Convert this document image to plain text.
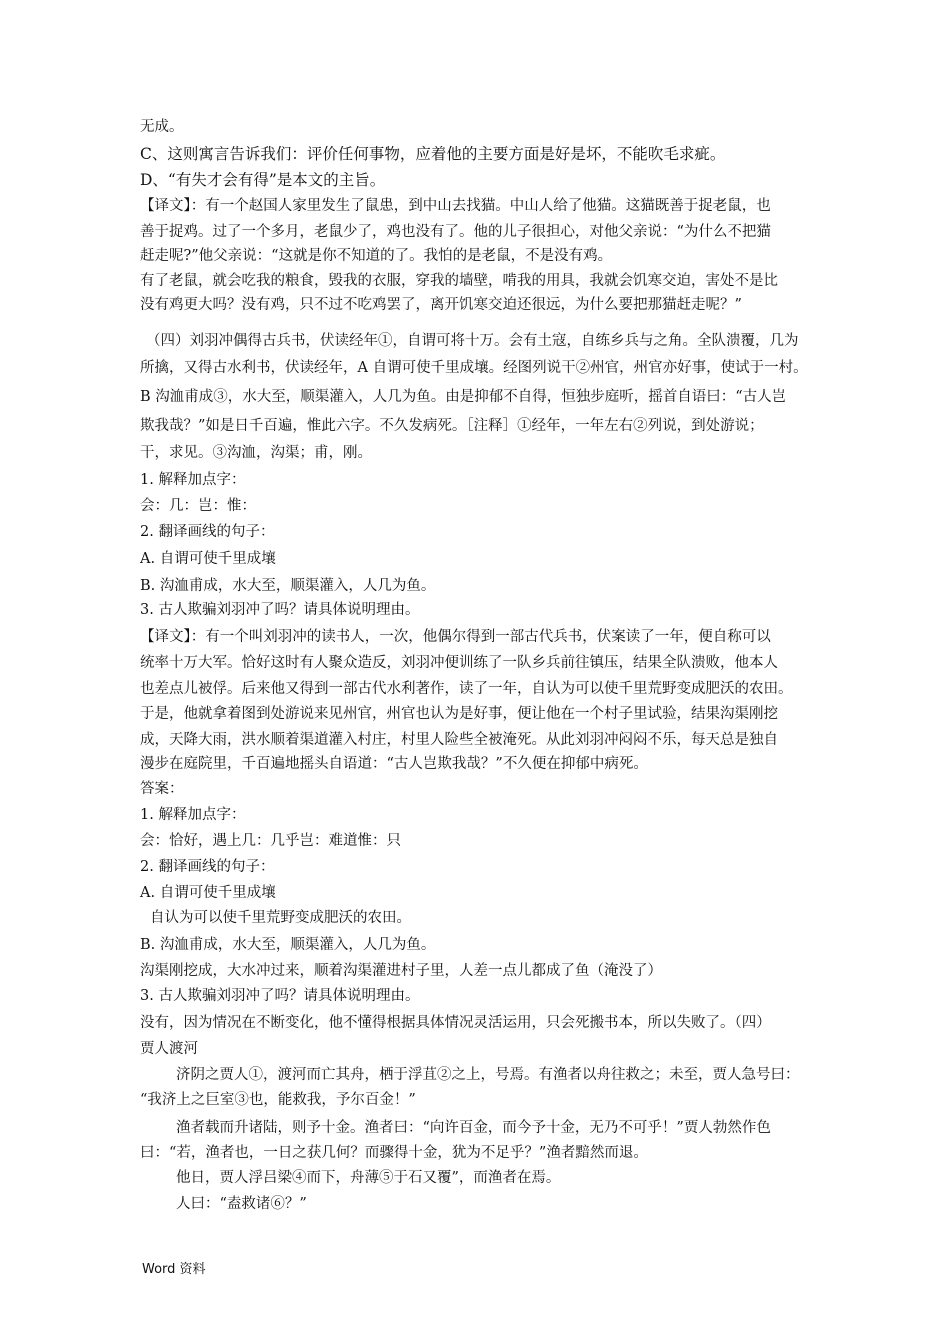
无成。
C、这则寓言告诉我们：评价任何事物，应着他的主要方面是好是坏，不能吹毛求疵。
D、“有失才会有得”是本文的主旨。
【译文】：有一个赵国人家里发生了鼠患，到中山去找猫。中山人给了他猫。这猫既善于捉老鼠，也
善于捉鸡。过了一个多月，老鼠少了，鸡也没有了。他的儿子很担心，对他父亲说：“为什么不把猫
赶走呢?”他父亲说：“这就是你不知道的了。我怕的是老鼠，不是没有鸡。
有了老鼠，就会吃我的粮食，毁我的衣服，穿我的墙壁，啃我的用具，我就会饥寒交迫，害处不是比
没有鸡更大吗？没有鸡，只不过不吃鸡罢了，离开饥寒交迫还很远，为什么要把那猫赶走呢？”
（四）刘羽冲偶得古兵书，伏读经年①，自谓可将十万。会有土寇，自练乡兵与之角。全队溃覆，几为
所擒，又得古水利书，伏读经年，A 自谓可使千里成壤。经图列说干②州官，州官亦好事，使试于一村。
B 沟洫甫成③，水大至，顺渠灌入，人几为鱼。由是抑郁不自得，恒独步庭听，摇首自语曰：“古人岂
欺我哉？”如是日千百遍，惟此六字。不久发病死。［注释］①经年，一年左右②列说，到处游说；
干，求见。③沟洫，沟渠；甫，刚。
1. 解释加点字：
会：几：岂：惟：
2. 翻译画线的句子：
A. 自谓可使千里成壤
B. 沟洫甫成，水大至，顺渠灌入，人几为鱼。
3. 古人欺骗刘羽冲了吗？请具体说明理由。
【译文】：有一个叫刘羽冲的读书人，一次，他偶尔得到一部古代兵书，伏案读了一年，便自称可以
统率十万大军。恰好这时有人聚众造反，刘羽冲便训练了一队乡兵前往镇压，结果全队溃败，他本人
也差点儿被俘。后来他又得到一部古代水利著作，读了一年，自认为可以使千里荒野变成肥沃的农田。
于是，他就拿着图到处游说来见州官，州官也认为是好事，便让他在一个村子里试验，结果沟渠刚挖
成，天降大雨，洪水顺着渠道灌入村庄，村里人险些全被淹死。从此刘羽冲闷闷不乐，每天总是独自
漫步在庭院里，千百遍地摇头自语道：“古人岂欺我哉？”不久便在抑郁中病死。
答案：
1. 解释加点字：
会：恰好，遇上几：几乎岂：难道惟：只
2. 翻译画线的句子：
A. 自谓可使千里成壤
自认为可以使千里荒野变成肥沃的农田。
B. 沟洫甫成，水大至，顺渠灌入，人几为鱼。
沟渠刚挖成，大水冲过来，顺着沟渠灌进村子里，人差一点儿都成了鱼（淹没了）
3. 古人欺骗刘羽冲了吗？请具体说明理由。
没有，因为情况在不断变化，他不懂得根据具体情况灵活运用，只会死搬书本，所以失败了。（四）
贾人渡河
济阴之贾人①，渡河而亡其舟，栖于浮苴②之上，号焉。有渔者以舟往救之；未至，贾人急号曰：
“我济上之巨室③也，能救我，予尔百金！”
渔者载而升诸陆，则予十金。渔者曰：“向许百金，而今予十金，无乃不可乎！”贾人勃然作色
曰：“若，渔者也，一日之获几何？而骤得十金，犹为不足乎？”渔者黯然而退。
他日，贾人浮吕梁④而下，舟薄⑤于石又覆”，而渔者在焉。
人曰：“盍救诸⑥？”
Word 资料
